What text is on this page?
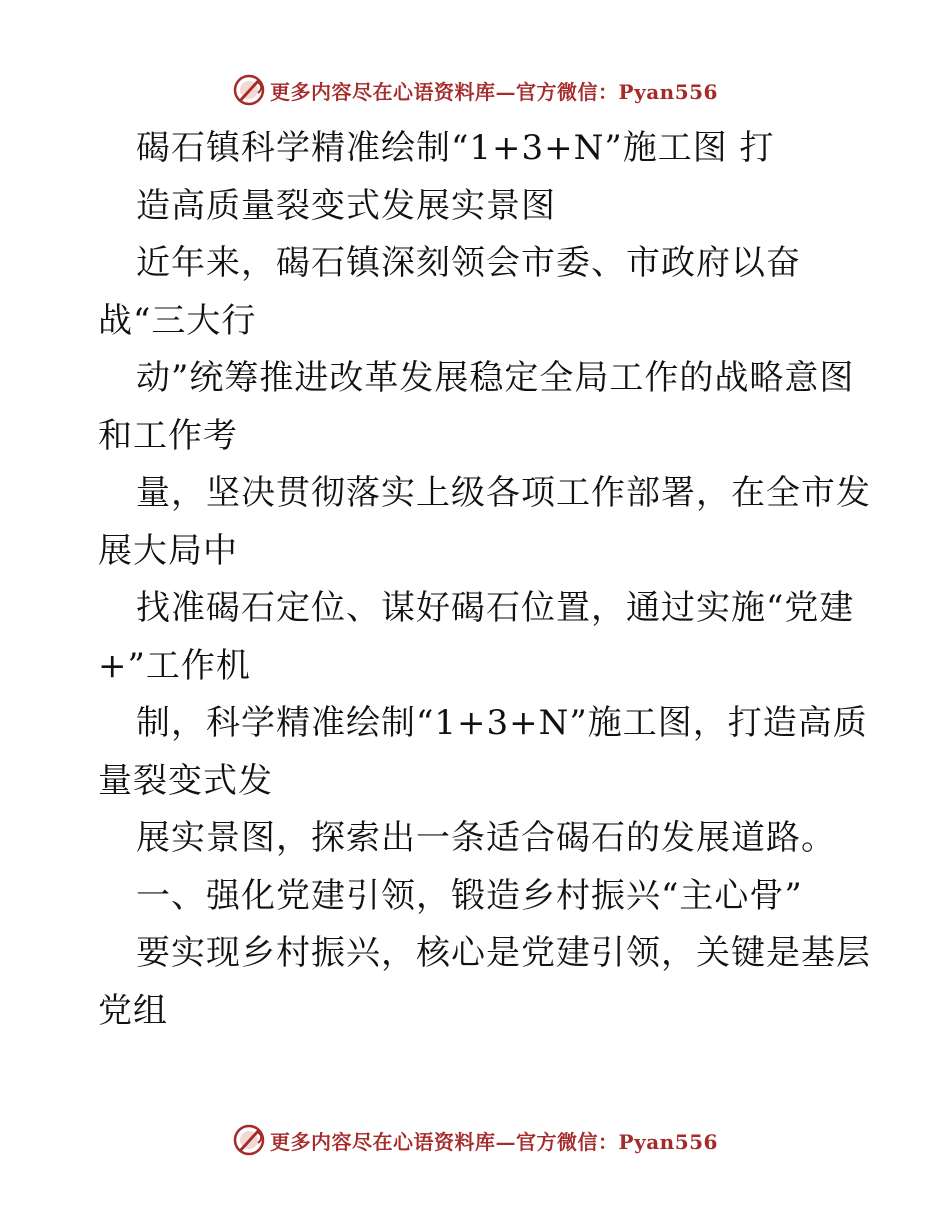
更多内容尽在心语资料库—官方微信：Pyan556
碣石镇科学精准绘制“1+3+N”施工图 打
造高质量裂变式发展实景图
近年来，碣石镇深刻领会市委、市政府以奋
战“三大行
动”统筹推进改革发展稳定全局工作的战略意图
和工作考
量，坚决贯彻落实上级各项工作部署，在全市发
展大局中
找准碣石定位、谋好碣石位置，通过实施“党建
+”工作机
制，科学精准绘制“1+3+N”施工图，打造高质
量裂变式发
展实景图，探索出一条适合碣石的发展道路。
一、强化党建引领，锻造乡村振兴“主心骨”
要实现乡村振兴，核心是党建引领，关键是基层
党组
更多内容尽在心语资料库—官方微信：Pyan556
